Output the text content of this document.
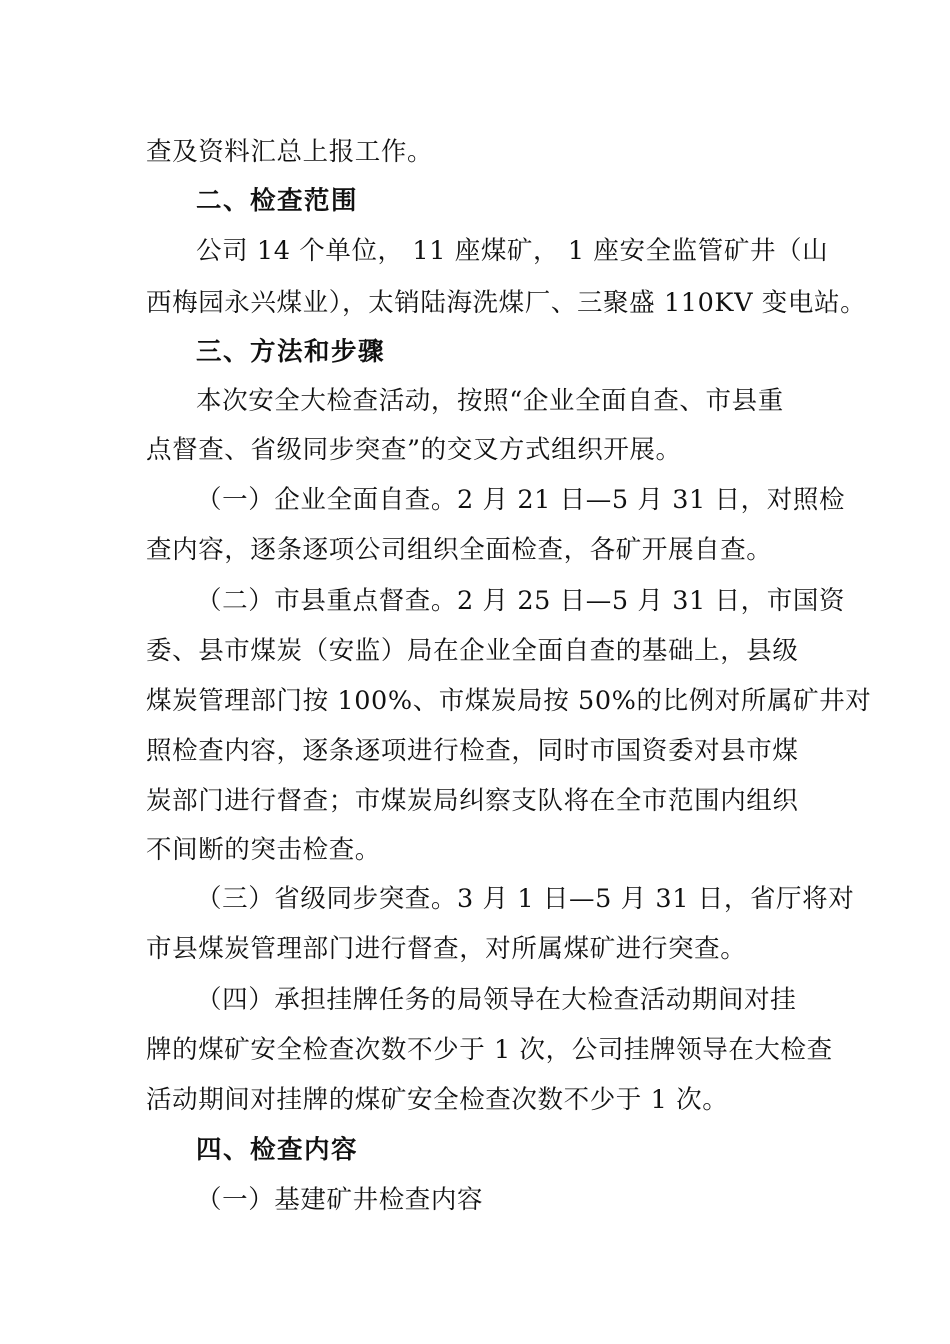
查及资料汇总上报工作。
二、检查范围
公司 14 个单位， 11 座煤矿， 1 座安全监管矿井（山
西梅园永兴煤业），太销陆海洗煤厂、三聚盛 110KV 变电站。
三、方法和步骤
本次安全大检查活动，按照“企业全面自查、市县重
点督查、省级同步突查”的交叉方式组织开展。
（一）企业全面自查。2 月 21 日—5 月 31 日，对照检
查内容，逐条逐项公司组织全面检查，各矿开展自查。
（二）市县重点督查。2 月 25 日—5 月 31 日，市国资
委、县市煤炭（安监）局在企业全面自查的基础上，县级
煤炭管理部门按 100%、市煤炭局按 50%的比例对所属矿井对
照检查内容，逐条逐项进行检查，同时市国资委对县市煤
炭部门进行督查；市煤炭局纠察支队将在全市范围内组织
不间断的突击检查。
（三）省级同步突查。3 月 1 日—5 月 31 日，省厅将对
市县煤炭管理部门进行督查，对所属煤矿进行突查。
（四）承担挂牌任务的局领导在大检查活动期间对挂
牌的煤矿安全检查次数不少于 1 次，公司挂牌领导在大检查
活动期间对挂牌的煤矿安全检查次数不少于 1 次。
四、检查内容
（一）基建矿井检查内容
